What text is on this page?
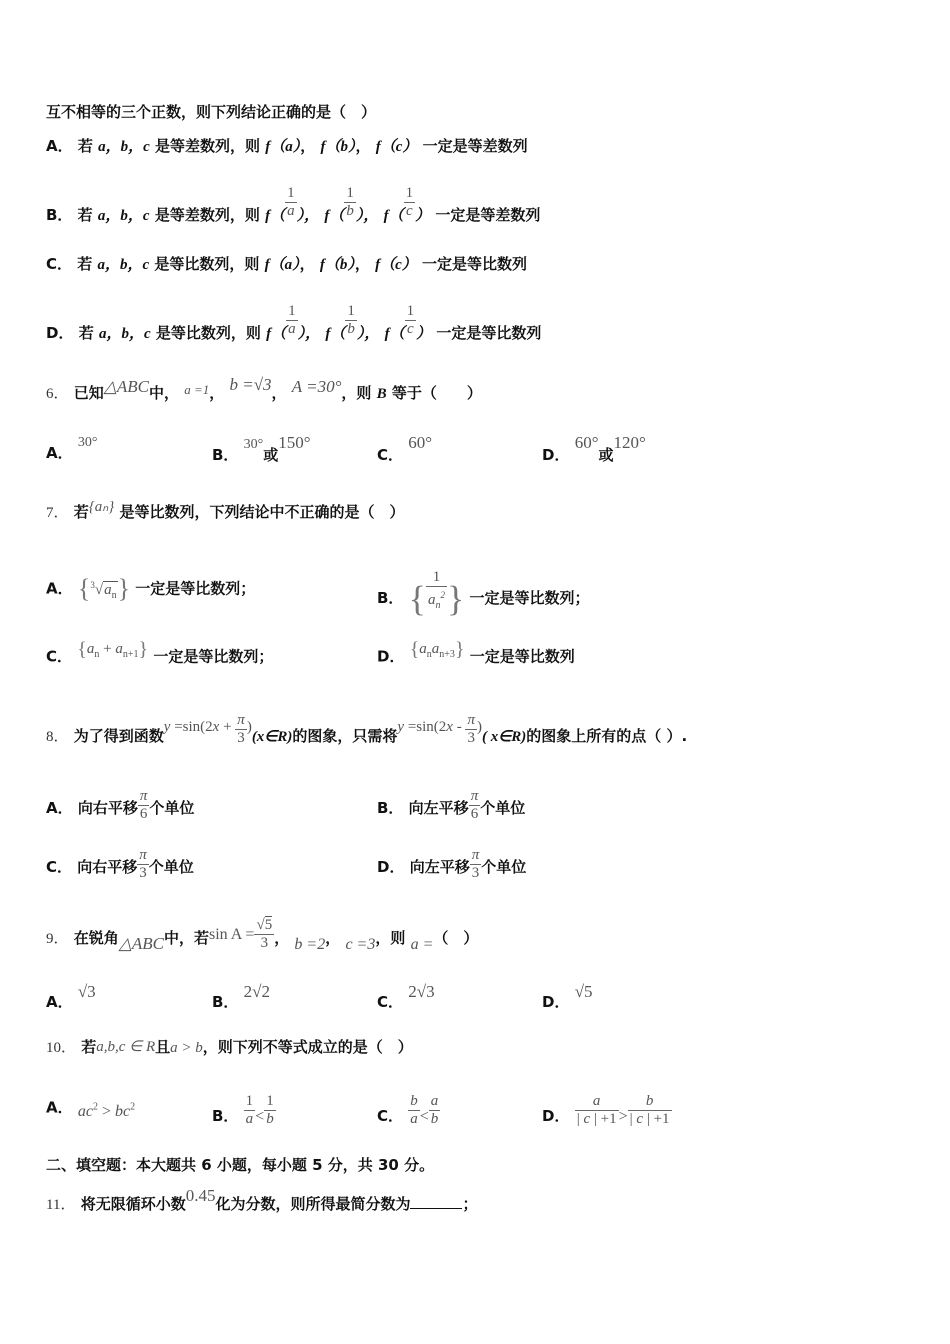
互不相等的三个正数，则下列结论正确的是（　）
A． 若 a，b，c 是等差数列，则 f（a）， f（b）， f（c） 一定是等差数列
B． 若 a，b，c 是等差数列，则 $f( \frac{1}{a}$ ）， $f( \frac{1}{b}$ ）， $f( \frac{1}{c}$ ） 一定是等差数列
C． 若 a，b，c 是等比数列，则 f（a）， f（b）， f（c） 一定是等比数列
D． 若 a，b，c 是等比数列，则 $f( \frac{1}{a}$ ）， $f( \frac{1}{b}$ ）， $f( \frac{1}{c}$ ） 一定是等比数列
6． 已知△ABC中， a =1， b =√3， A =30°，则 B 等于（　　）
A． 30°
B． 30°或150°
C． 60°
D． 60°或120°
7． 若{aₙ} 是等比数列，下列结论中不正确的是（　）
A． $\{^3√a_n\}$ 一定是等比数列；
B． { $\frac{1}{a_n^2}$ } 一定是等比数列；
C． $\{a_n + a_{n+1}\}$ 一定是等比数列；	D． $\{a_na_{n+3}\}$ 一定是等比数列
8． 为了得到函数$y =\sin(2x + \frac{\pi}{3}$ )(x∈R)的图象，只需将$y =\sin(2x - \frac{\pi}{3}$ )( x∈R)的图象上所有的点（ ）.
A． 向右平移 $\frac{\pi}{6}$ 个单位	B． 向左平移 $\frac{\pi}{6}$ 个单位
C． 向右平移 $\frac{\pi}{3}$ 个单位	D． 向左平移 $\frac{\pi}{3}$ 个单位
9． 在锐角△ABC中，若$\sin A = \frac{√5}{3}$ ， b =2， c =3，则 a =（　）
A． √3
B． 2√2
C． 2√3
D． √5
10． 若a,b,c ∈ R且a > b，则下列不等式成立的是（　）
A． $ac^2 > bc^2$	B． $\frac{1}{a} < \frac{1}{b}$	C． $\frac{b}{a} < \frac{a}{b}$	D． $\frac{a}{| c | +1} > \frac{b}{| c | +1}$
二、填空题：本大题共 6 小题，每小题 5 分，共 30 分。
11． 将无限循环小数0.45化为分数，则所得最简分数为	；
